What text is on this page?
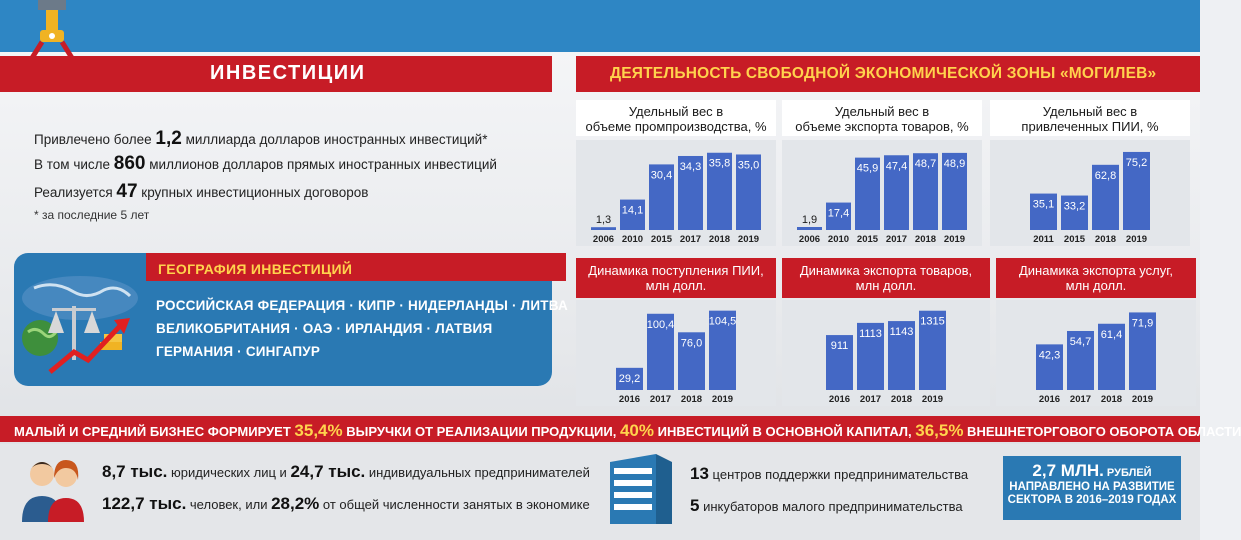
ИНВЕСТИЦИИ	ДЕЯТЕЛЬНОСТЬ СВОБОДНОЙ ЭКОНОМИЧЕСКОЙ ЗОНЫ «МОГИЛЕВ»
Привлечено более 1,2 миллиарда долларов иностранных инвестиций*
В том числе 860 миллионов долларов прямых иностранных инвестиций
Реализуется 47 крупных инвестиционных договоров
* за последние 5 лет
ГЕОГРАФИЯ ИНВЕСТИЦИЙ
РОССИЙСКАЯ ФЕДЕРАЦИЯ · КИПР · НИДЕРЛАНДЫ · ЛИТВА
ВЕЛИКОБРИТАНИЯ · ОАЭ · ИРЛАНДИЯ · ЛАТВИЯ
ГЕРМАНИЯ · СИНГАПУР
Удельный вес в
объеме промпроизводства, %
Удельный вес в
объеме экспорта товаров, %
Удельный вес в
привлеченных ПИИ, %
Динамика поступления ПИИ,
млн долл.
Динамика экспорта товаров,
млн долл.
Динамика экспорта услуг,
млн долл.
1,3
2006
14,1
2010
30,4
2015
34,3
2017
35,8
2018
35,0
2019
1,9
2006
17,4
2010
45,9
2015
47,4
2017
48,7
2018
48,9
2019
35,1
2011
33,2
2015
62,8
2018
75,2
2019
29,2
2016
100,4
2017
76,0
2018
104,5
2019
911
2016
1113
2017
1143
2018
1315
2019
42,3
2016
54,7
2017
61,4
2018
71,9
2019
МАЛЫЙ И СРЕДНИЙ БИЗНЕС ФОРМИРУЕТ 35,4% ВЫРУЧКИ ОТ РЕАЛИЗАЦИИ ПРОДУКЦИИ, 40% ИНВЕСТИЦИЙ В ОСНОВНОЙ КАПИТАЛ, 36,5% ВНЕШНЕТОРГОВОГО ОБОРОТА ОБЛАСТИ
8,7 тыс. юридических лиц и 24,7 тыс. индивидуальных предпринимателей
122,7 тыс. человек, или 28,2% от общей численности занятых в экономике
13 центров поддержки предпринимательства
5 инкубаторов малого предпринимательства
2,7 МЛН. РУБЛЕЙ
НАПРАВЛЕНО НА РАЗВИТИЕ
СЕКТОРА В 2016–2019 ГОДАХ
